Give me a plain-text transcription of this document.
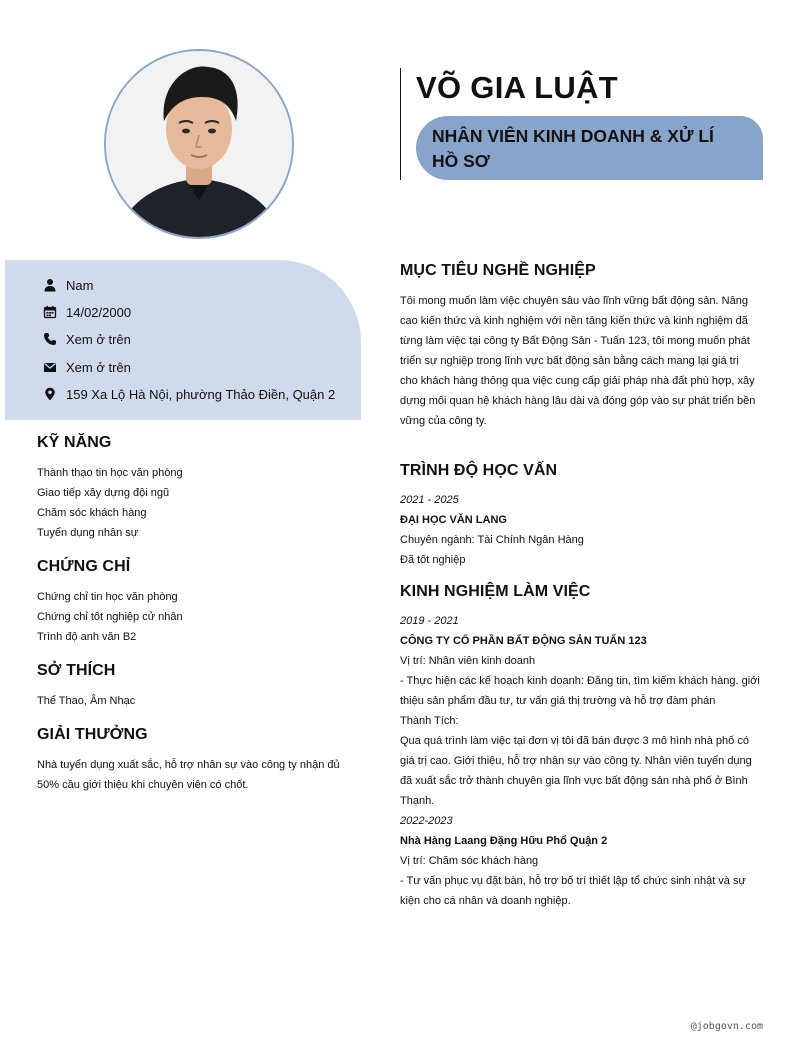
VÕ GIA LUẬT
NHÂN VIÊN KINH DOANH & XỬ LÍ HỒ SƠ
Nam
14/02/2000
Xem ở trên
Xem ở trên
159 Xa Lộ Hà Nội, phường Thảo Điền, Quận 2
KỸ NĂNG
Thành thạo tin học văn phòng
Giao tiếp xây dựng đội ngũ
Chăm sóc khách hàng
Tuyển dụng nhân sự
CHỨNG CHỈ
Chứng chỉ tin học văn phòng
Chứng chỉ tốt nghiệp cử nhân
Trình độ anh văn B2
SỞ THÍCH
Thể Thao, Âm Nhạc
GIẢI THƯỞNG
Nhà tuyển dụng xuất sắc, hỗ trợ nhân sự vào công ty nhận đủ
50% cầu giới thiệu khi chuyên viên có chốt.
MỤC TIÊU NGHỀ NGHIỆP
Tôi mong muốn làm việc chuyên sâu vào lĩnh vững bất động sản. Nâng
cao kiến thức và kinh nghiệm với nền tảng kiến thức và kinh nghiệm đã
từng làm việc tại công ty Bất Động Sản - Tuấn 123, tôi mong muốn phát
triển sự nghiệp trong lĩnh vực bất động sản bằng cách mang lại giá trị
cho khách hàng thông qua việc cung cấp giải pháp nhà đất phù hợp, xây
dựng mối quan hệ khách hàng lâu dài và đóng góp vào sự phát triển bền
vững của công ty.
TRÌNH ĐỘ HỌC VẤN
2021 - 2025
ĐẠI HỌC VĂN LANG
Chuyên ngành: Tài Chính Ngân Hàng
Đã tốt nghiệp
KINH NGHIỆM LÀM VIỆC
2019 - 2021
CÔNG TY CỔ PHẦN BẤT ĐỘNG SẢN TUẤN 123
Vị trí: Nhân viên kinh doanh
- Thực hiện các kế hoạch kinh doanh: Đăng tin, tìm kiếm khách hàng. giới
thiệu sản phẩm đầu tư, tư vấn giá thị trường và hỗ trợ đàm phán
Thành Tích:
Qua quá trình làm việc tại đơn vị tôi đã bán được 3 mô hình nhà phố có
giá trị cao. Giới thiệu, hỗ trợ nhân sự vào công ty. Nhân viên tuyển dụng
đã xuất sắc trở thành chuyên gia lĩnh vực bất động sản nhà phố ở Bình
Thạnh.
2022-2023
Nhà Hàng Laang Đặng Hữu Phổ Quận 2
Vị trí: Chăm sóc khách hàng
- Tư vấn phục vụ đặt bàn, hỗ trợ bố trí thiết lập tổ chức sinh nhật và sự
kiện cho cá nhân và doanh nghiệp.
@jobgovn.com
